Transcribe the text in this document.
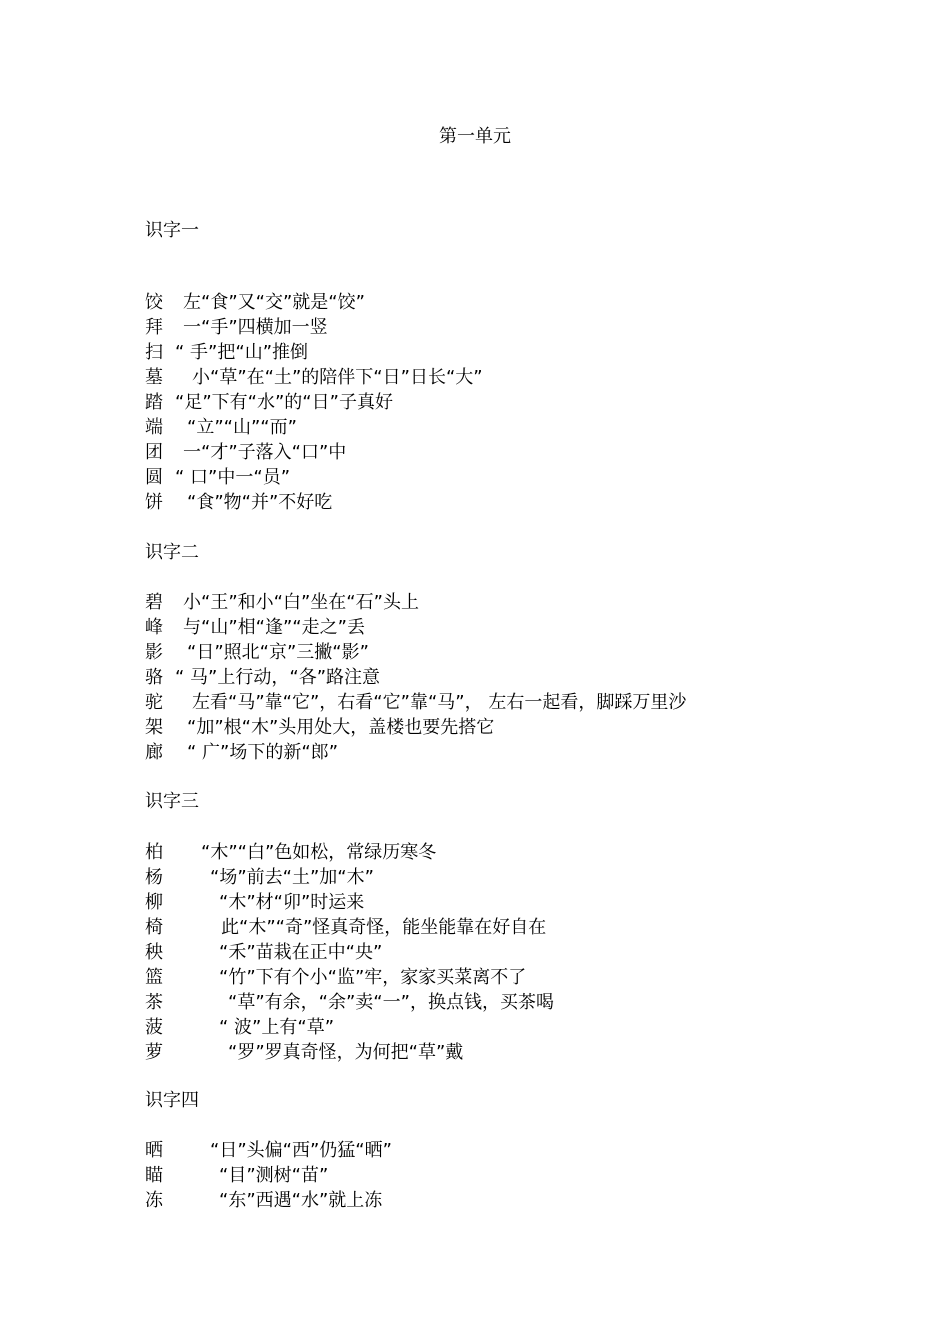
第一单元
识字一
饺 左“食”又“交”就是“饺”
拜 一“手”四横加一竖
扫 “ 手”把“山”推倒
墓 小“草”在“土”的陪伴下“日”日长“大”
踏 “足”下有“水”的“日”子真好
端 “立”“山”“而”
团 一“才”子落入“口”中
圆 “ 口”中一“员”
饼 “食”物“并”不好吃
识字二
碧 小“王”和小“白”坐在“石”头上
峰 与“山”相“逢”“走之”丢
影 “日”照北“京”三撇“影”
骆 “ 马”上行动，“各”路注意
驼 左看“马”靠“它”，右看“它”靠“马”， 左右一起看，脚踩万里沙
架 “加”根“木”头用处大，盖楼也要先搭它
廊 “ 广”场下的新“郎”
识字三
柏 “木”“白”色如松，常绿历寒冬
杨	“场”前去“土”加“木”
柳	“木”材“卯”时运来
椅	此“木”“奇”怪真奇怪，能坐能靠在好自在
秧	“禾”苗栽在正中“央”
篮	“竹”下有个小“监”牢，家家买菜离不了
茶	“草”有余，“余”卖“一”，换点钱，买茶喝
菠	“ 波”上有“草”
萝	“罗”罗真奇怪，为何把“草”戴
识字四
晒	“日”头偏“西”仍猛“晒”
瞄	“目”测树“苗”
冻	“东”西遇“水”就上冻
